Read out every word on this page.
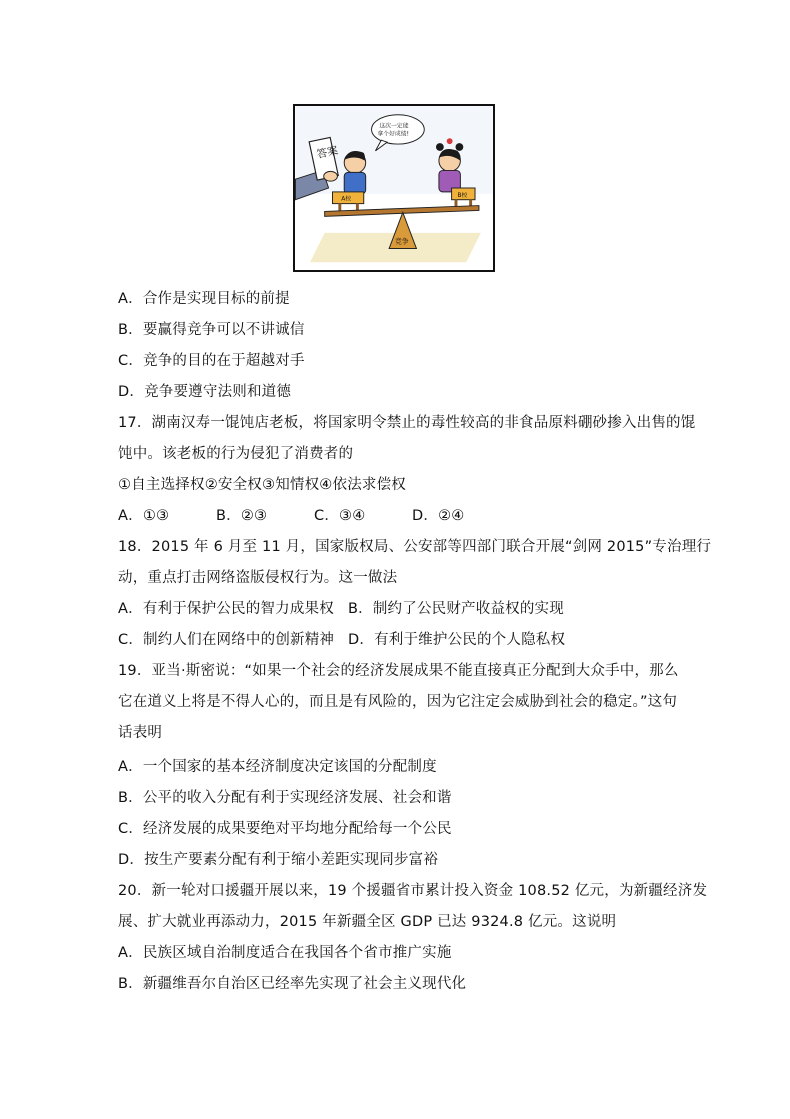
答案
这次一定能
拿个好成绩!
A校
B校
竞争
A．合作是实现目标的前提
B．要赢得竞争可以不讲诚信
C．竞争的目的在于超越对手
D．竞争要遵守法则和道德
17．湖南汉寿一馄饨店老板，将国家明令禁止的毒性较高的非食品原料硼砂掺入出售的馄
饨中。该老板的行为侵犯了消费者的
①自主选择权②安全权③知情权④依法求偿权
A．①③	B．②③	C．③④	D．②④
18．2015 年 6 月至 11 月，国家版权局、公安部等四部门联合开展“剑网 2015”专治理行
动，重点打击网络盗版侵权行为。这一做法
A．有利于保护公民的智力成果权 B．制约了公民财产收益权的实现
C．制约人们在网络中的创新精神 D．有利于维护公民的个人隐私权
19．亚当·斯密说：“如果一个社会的经济发展成果不能直接真正分配到大众手中，那么
它在道义上将是不得人心的，而且是有风险的，因为它注定会威胁到社会的稳定。”这句
话表明
A．一个国家的基本经济制度决定该国的分配制度
B．公平的收入分配有利于实现经济发展、社会和谐
C．经济发展的成果要绝对平均地分配给每一个公民
D．按生产要素分配有利于缩小差距实现同步富裕
20．新一轮对口援疆开展以来，19 个援疆省市累计投入资金 108.52 亿元，为新疆经济发
展、扩大就业再添动力，2015 年新疆全区 GDP 已达 9324.8 亿元。这说明
A．民族区域自治制度适合在我国各个省市推广实施
B．新疆维吾尔自治区已经率先实现了社会主义现代化
